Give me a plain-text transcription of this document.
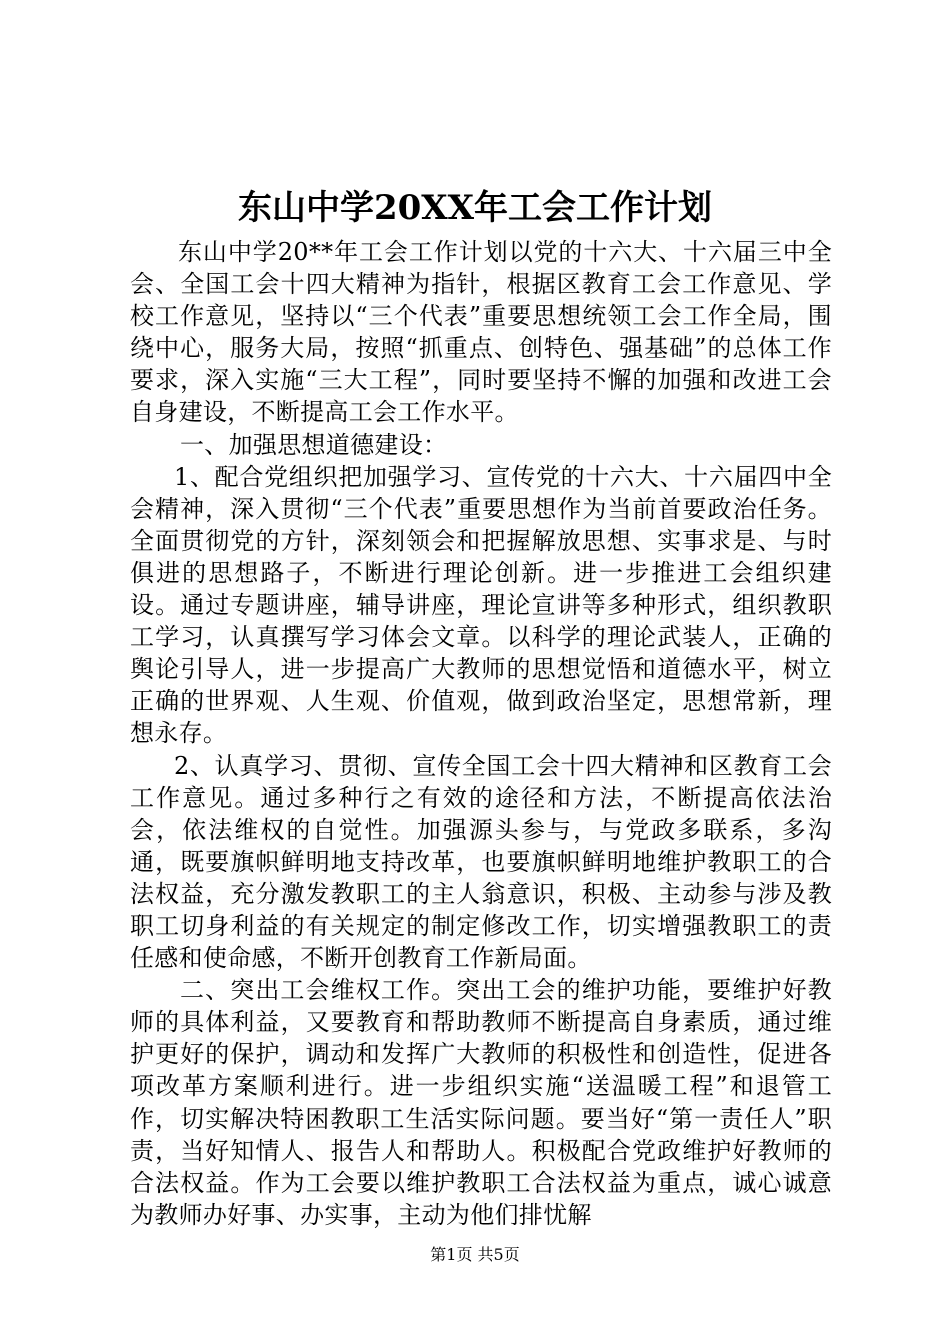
东山中学20XX年工会工作计划

东山中学20**年工会工作计划以党的十六大、十六届三中全会、全国工会十四大精神为指针，根据区教育工会工作意见、学校工作意见，坚持以“三个代表”重要思想统领工会工作全局，围绕中心，服务大局，按照“抓重点、创特色、强基础”的总体工作要求，深入实施“三大工程”，同时要坚持不懈的加强和改进工会自身建设，不断提高工会工作水平。

一、加强思想道德建设：

1、配合党组织把加强学习、宣传党的十六大、十六届四中全会精神，深入贯彻“三个代表”重要思想作为当前首要政治任务。全面贯彻党的方针，深刻领会和把握解放思想、实事求是、与时俱进的思想路子，不断进行理论创新。进一步推进工会组织建设。通过专题讲座，辅导讲座，理论宣讲等多种形式，组织教职工学习，认真撰写学习体会文章。以科学的理论武装人，正确的舆论引导人，进一步提高广大教师的思想觉悟和道德水平，树立正确的世界观、人生观、价值观，做到政治坚定，思想常新，理想永存。

2、认真学习、贯彻、宣传全国工会十四大精神和区教育工会工作意见。通过多种行之有效的途径和方法，不断提高依法治会，依法维权的自觉性。加强源头参与，与党政多联系，多沟通，既要旗帜鲜明地支持改革，也要旗帜鲜明地维护教职工的合法权益，充分激发教职工的主人翁意识，积极、主动参与涉及教职工切身利益的有关规定的制定修改工作，切实增强教职工的责任感和使命感，不断开创教育工作新局面。

二、突出工会维权工作。突出工会的维护功能，要维护好教师的具体利益，又要教育和帮助教师不断提高自身素质，通过维护更好的保护，调动和发挥广大教师的积极性和创造性，促进各项改革方案顺利进行。进一步组织实施“送温暖工程”和退管工作，切实解决特困教职工生活实际问题。要当好“第一责任人”职责，当好知情人、报告人和帮助人。积极配合党政维护好教师的合法权益。作为工会要以维护教职工合法权益为重点，诚心诚意为教师办好事、办实事，主动为他们排忧解

第1页 共5页
